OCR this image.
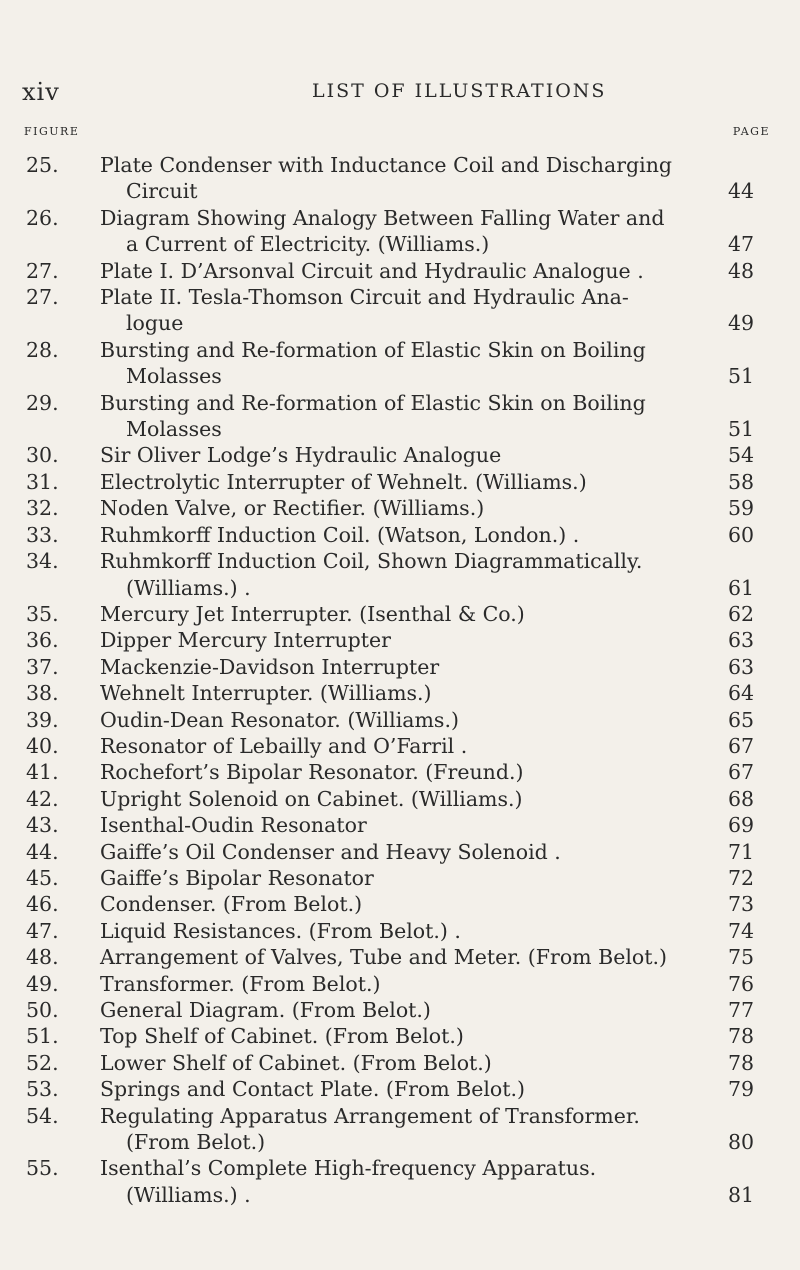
xiv	LIST OF ILLUSTRATIONS
FIGURE	PAGE
25. Plate Condenser with Inductance Coil and Discharging
Circuit	44
26. Diagram Showing Analogy Between Falling Water and
a Current of Electricity. (Williams.)	47
27. Plate I. D’Arsonval Circuit and Hydraulic Analogue .	48
27. Plate II. Tesla-Thomson Circuit and Hydraulic Ana-
logue	49
28. Bursting and Re-formation of Elastic Skin on Boiling
Molasses	51
29. Bursting and Re-formation of Elastic Skin on Boiling
Molasses	51
30. Sir Oliver Lodge’s Hydraulic Analogue	54
31. Electrolytic Interrupter of Wehnelt. (Williams.)	58
32. Noden Valve, or Rectifier. (Williams.)	59
33. Ruhmkorff Induction Coil. (Watson, London.) .	60
34. Ruhmkorff Induction Coil, Shown Diagrammatically.
(Williams.) .	61
35. Mercury Jet Interrupter. (Isenthal & Co.)	62
36. Dipper Mercury Interrupter	63
37. Mackenzie-Davidson Interrupter	63
38. Wehnelt Interrupter. (Williams.)	64
39. Oudin-Dean Resonator. (Williams.)	65
40. Resonator of Lebailly and O’Farril .	67
41. Rochefort’s Bipolar Resonator. (Freund.)	67
42. Upright Solenoid on Cabinet. (Williams.)	68
43. Isenthal-Oudin Resonator	69
44. Gaiffe’s Oil Condenser and Heavy Solenoid .	71
45. Gaiffe’s Bipolar Resonator	72
46. Condenser. (From Belot.)	73
47. Liquid Resistances. (From Belot.) .	74
48. Arrangement of Valves, Tube and Meter. (From Belot.)	75
49. Transformer. (From Belot.)	76
50. General Diagram. (From Belot.)	77
51. Top Shelf of Cabinet. (From Belot.)	78
52. Lower Shelf of Cabinet. (From Belot.)	78
53. Springs and Contact Plate. (From Belot.)	79
54. Regulating Apparatus Arrangement of Transformer.
(From Belot.)	80
55. Isenthal’s Complete High-frequency Apparatus.
(Williams.) .	81
